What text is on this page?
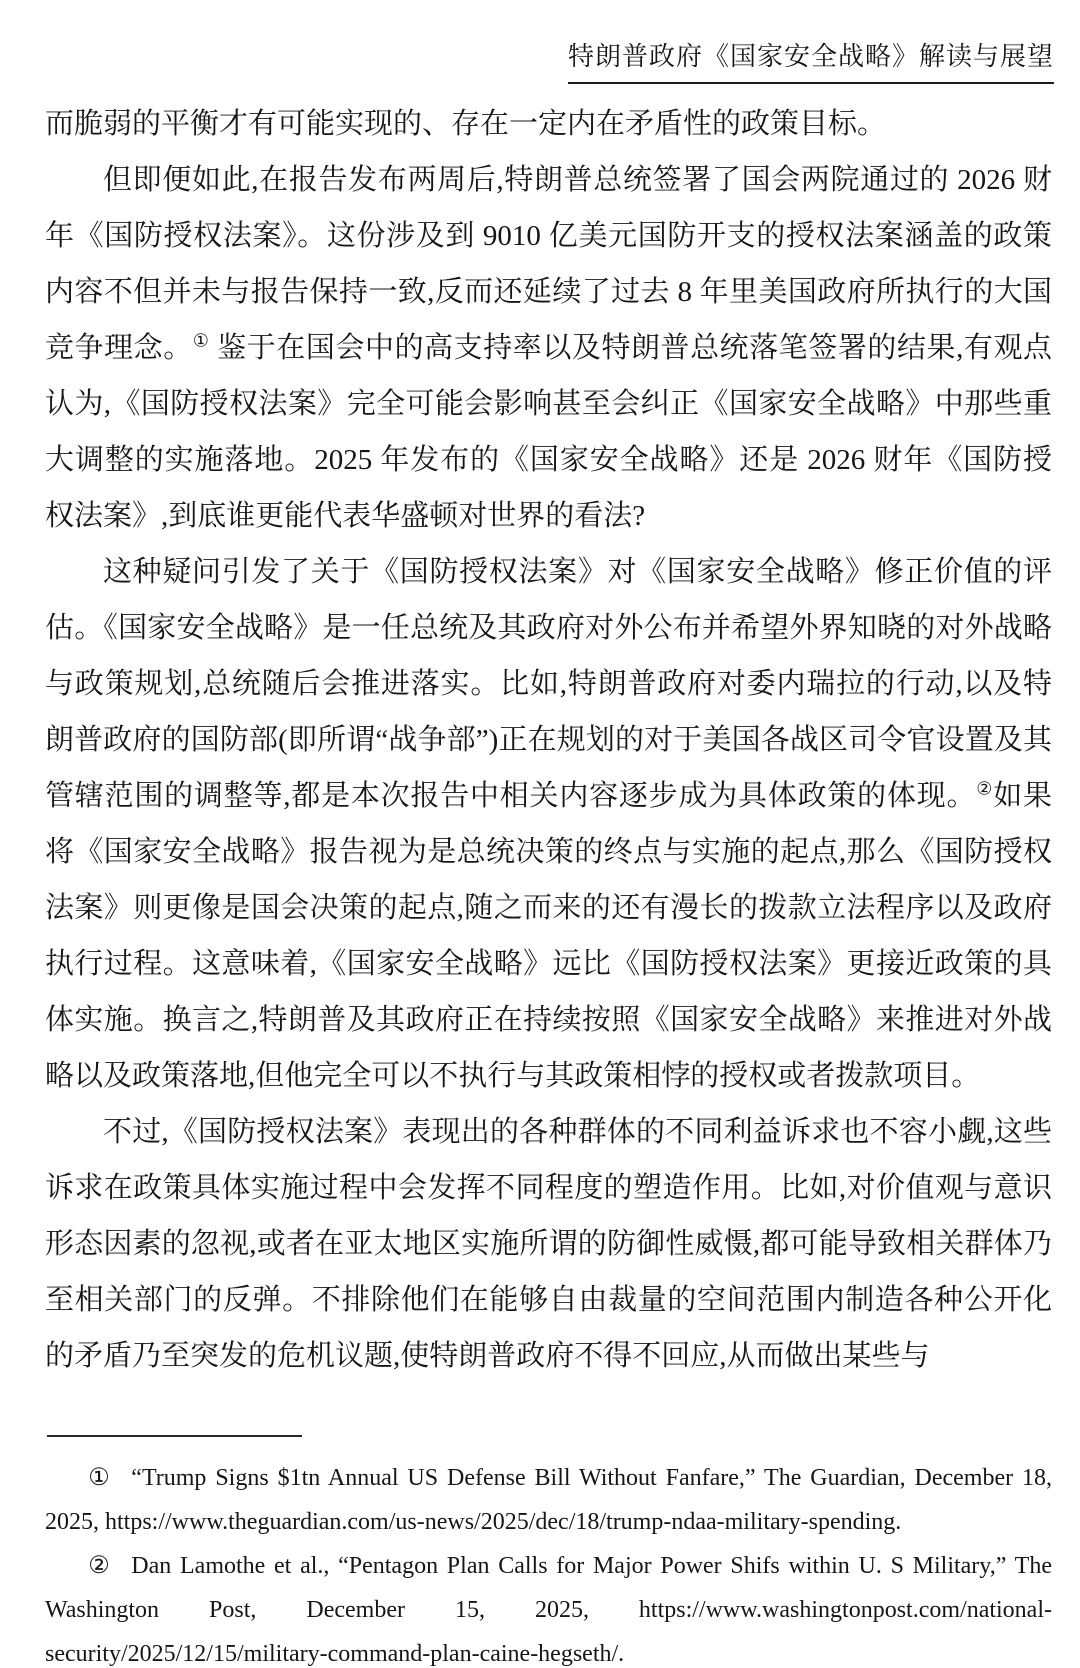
特朗普政府《国家安全战略》解读与展望

而脆弱的平衡才有可能实现的、存在一定内在矛盾性的政策目标。

但即便如此,在报告发布两周后,特朗普总统签署了国会两院通过的 2026 财年《国防授权法案》。这份涉及到 9010 亿美元国防开支的授权法案涵盖的政策内容不但并未与报告保持一致,反而还延续了过去 8 年里美国政府所执行的大国竞争理念。① 鉴于在国会中的高支持率以及特朗普总统落笔签署的结果,有观点认为,《国防授权法案》完全可能会影响甚至会纠正《国家安全战略》中那些重大调整的实施落地。2025 年发布的《国家安全战略》还是 2026 财年《国防授权法案》,到底谁更能代表华盛顿对世界的看法?

这种疑问引发了关于《国防授权法案》对《国家安全战略》修正价值的评估。《国家安全战略》是一任总统及其政府对外公布并希望外界知晓的对外战略与政策规划,总统随后会推进落实。比如,特朗普政府对委内瑞拉的行动,以及特朗普政府的国防部(即所谓“战争部”)正在规划的对于美国各战区司令官设置及其管辖范围的调整等,都是本次报告中相关内容逐步成为具体政策的体现。②如果将《国家安全战略》报告视为是总统决策的终点与实施的起点,那么《国防授权法案》则更像是国会决策的起点,随之而来的还有漫长的拨款立法程序以及政府执行过程。这意味着,《国家安全战略》远比《国防授权法案》更接近政策的具体实施。换言之,特朗普及其政府正在持续按照《国家安全战略》来推进对外战略以及政策落地,但他完全可以不执行与其政策相悖的授权或者拨款项目。

不过,《国防授权法案》表现出的各种群体的不同利益诉求也不容小觑,这些诉求在政策具体实施过程中会发挥不同程度的塑造作用。比如,对价值观与意识形态因素的忽视,或者在亚太地区实施所谓的防御性威慑,都可能导致相关群体乃至相关部门的反弹。不排除他们在能够自由裁量的空间范围内制造各种公开化的矛盾乃至突发的危机议题,使特朗普政府不得不回应,从而做出某些与

① “Trump Signs $1tn Annual US Defense Bill Without Fanfare,” The Guardian, December 18, 2025, https://www.theguardian.com/us-news/2025/dec/18/trump-ndaa-military-spending.

② Dan Lamothe et al., “Pentagon Plan Calls for Major Power Shifs within U. S Military,” The Washington Post, December 15, 2025, https://www.washingtonpost.com/national-security/2025/12/15/military-command-plan-caine-hegseth/.
